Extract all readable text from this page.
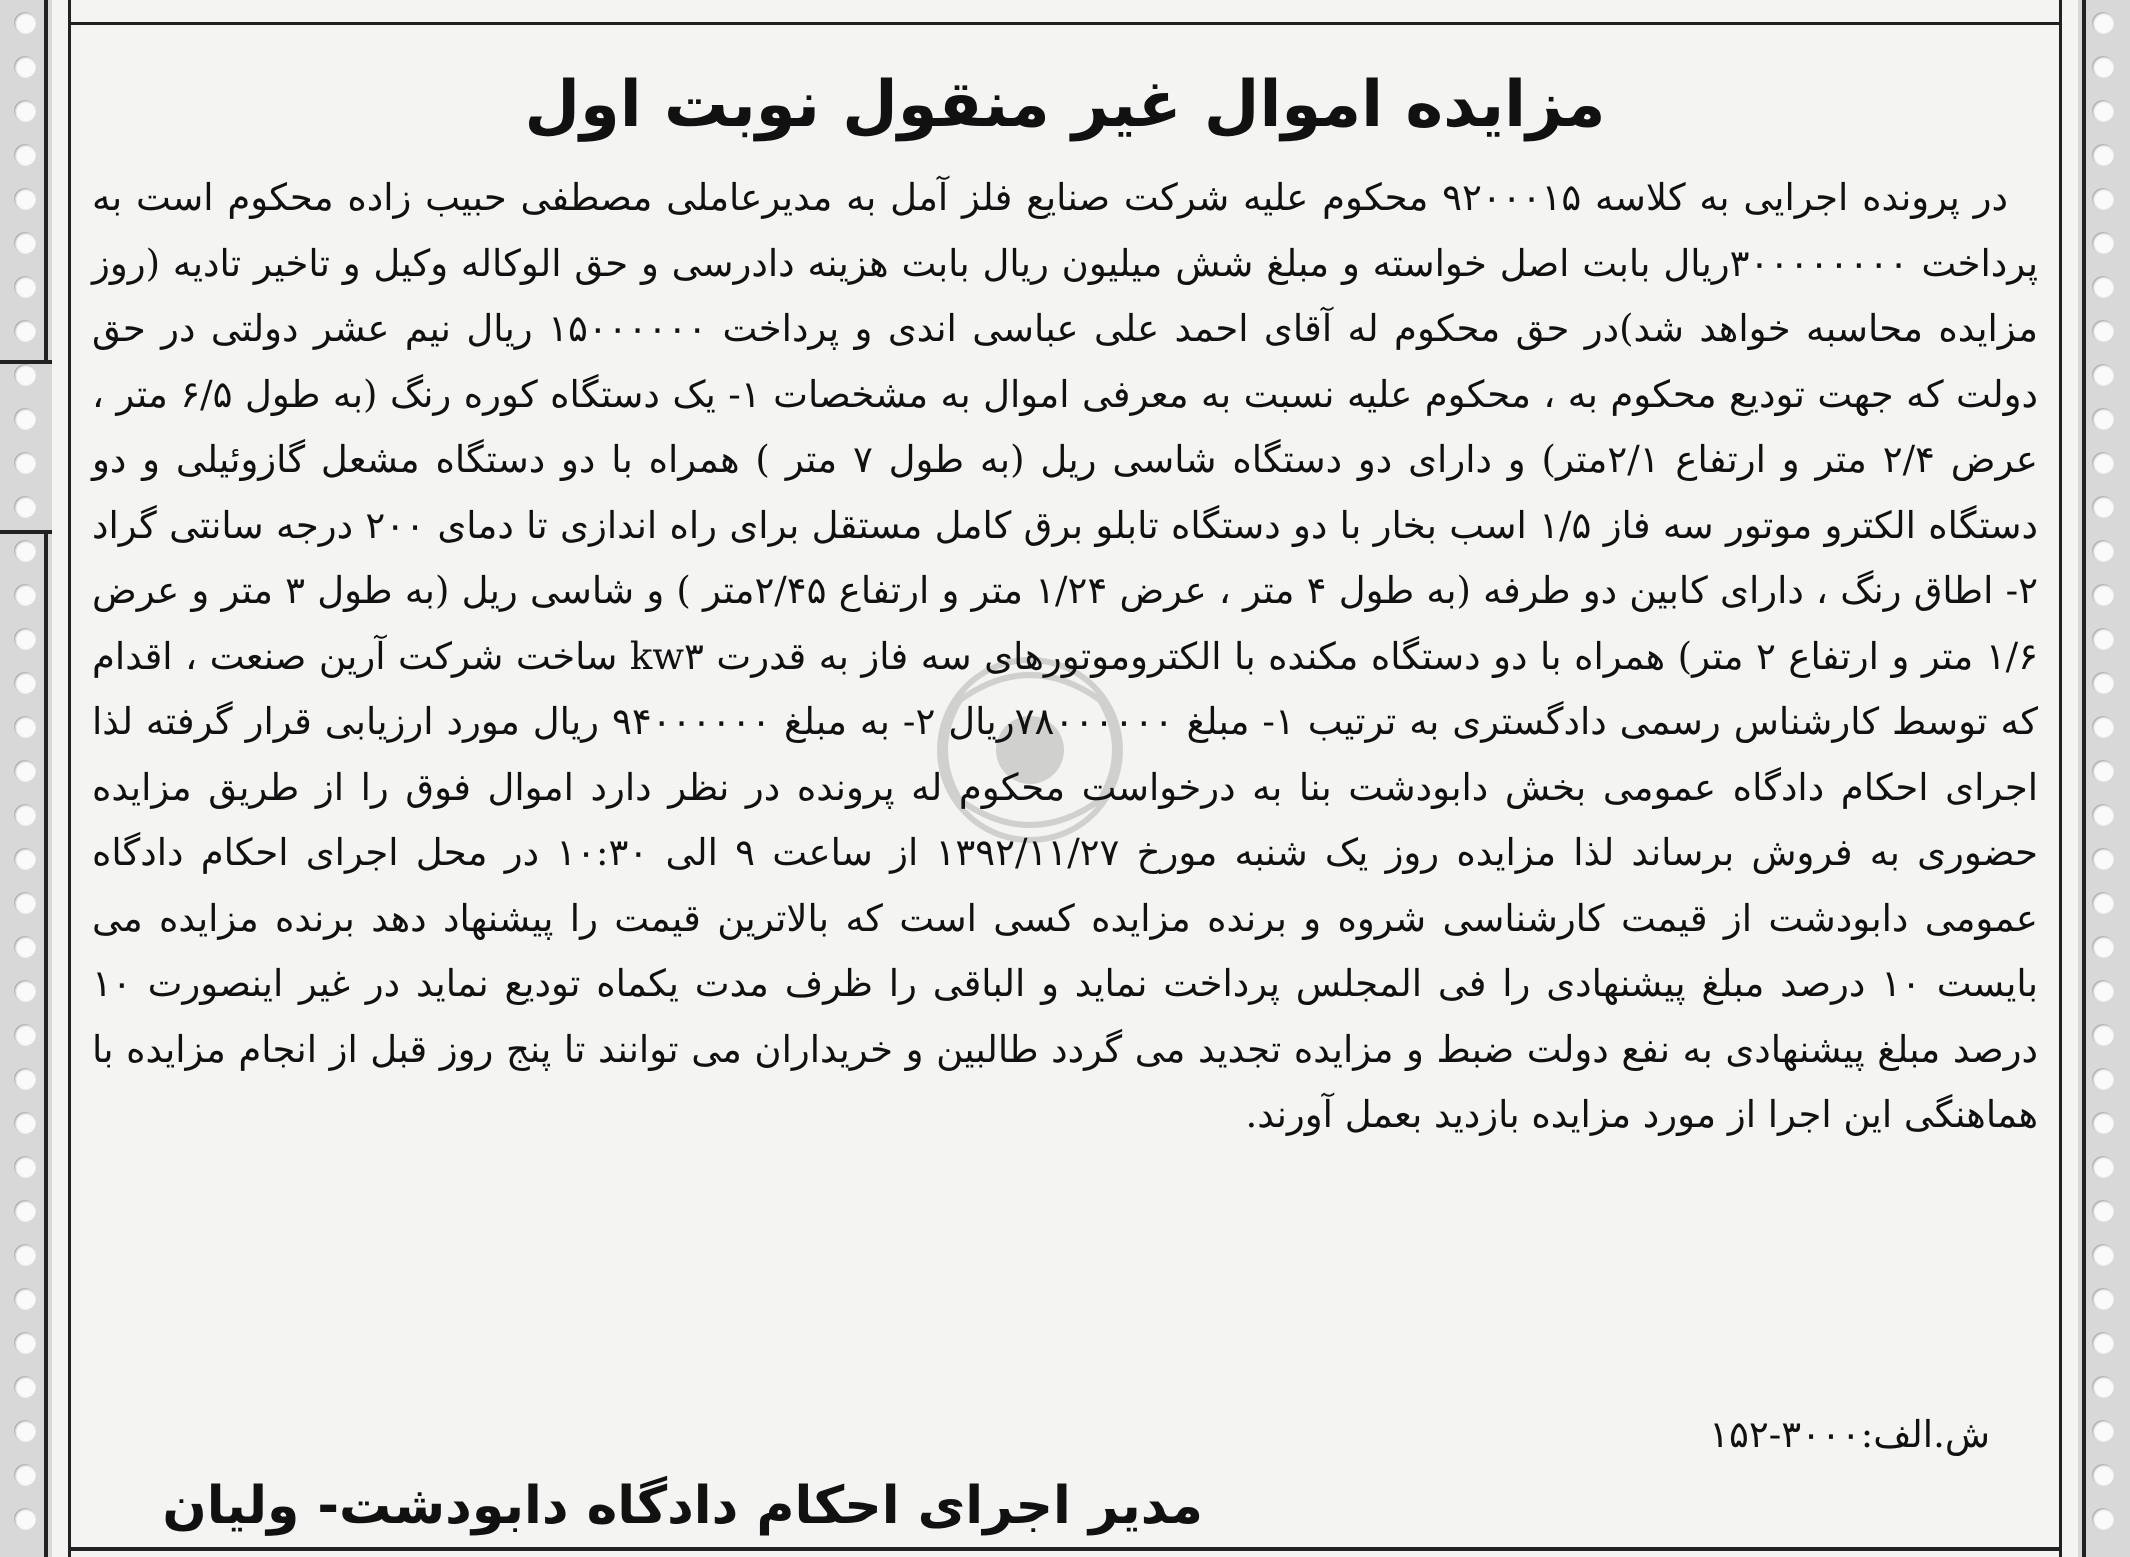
مزایده اموال غیر منقول نوبت اول

در پرونده اجرایی به کلاسه ۹۲۰۰۰۱۵ محکوم علیه شرکت صنایع فلز آمل به مدیرعاملی مصطفی حبیب زاده محکوم است به پرداخت ۳۰۰۰۰۰۰۰۰ریال بابت اصل خواسته و مبلغ شش میلیون ریال بابت هزینه دادرسی و حق الوکاله وکیل و تاخیر تادیه (روز مزایده محاسبه خواهد شد)در حق محکوم له آقای احمد علی عباسی اندی و پرداخت ۱۵۰۰۰۰۰۰ ریال نیم عشر دولتی در حق دولت که جهت توديع محکوم به ، محکوم علیه نسبت به معرفی اموال به مشخصات ۱- یک دستگاه کوره رنگ (به طول ۶/۵ متر ، عرض ۲/۴ متر و ارتفاع ۲/۱متر) و دارای دو دستگاه شاسی ریل (به طول ۷ متر ) همراه با دو دستگاه مشعل گازوئیلی و دو دستگاه الکترو موتور سه فاز ۱/۵ اسب بخار با دو دستگاه تابلو برق کامل مستقل برای راه اندازی تا دمای ۲۰۰ درجه سانتی گراد ۲- اطاق رنگ ، دارای کابین دو طرفه (به طول ۴ متر ، عرض ۱/۲۴ متر و ارتفاع ۲/۴۵متر ) و شاسی ریل (به طول ۳ متر و عرض ۱/۶ متر و ارتفاع ۲ متر) همراه با دو دستگاه مکنده با الکتروموتورهای سه فاز به قدرت kw۳ ساخت شرکت آرین صنعت ، اقدام که توسط کارشناس رسمی دادگستری به ترتیب ۱- مبلغ ۷۸۰۰۰۰۰۰ریال ۲- به مبلغ ۹۴۰۰۰۰۰۰ ریال مورد ارزیابی قرار گرفته لذا اجرای احکام دادگاه عمومی بخش دابودشت بنا به درخواست محکوم له پرونده در نظر دارد اموال فوق را از طریق مزایده حضوری به فروش برساند لذا مزایده روز یک شنبه مورخ ۱۳۹۲/۱۱/۲۷ از ساعت ۹ الی ۱۰:۳۰ در محل اجرای احکام دادگاه عمومی دابودشت از قیمت کارشناسی شروه و برنده مزایده کسی است که بالاترین قیمت را پیشنهاد دهد برنده مزایده می بایست ۱۰ درصد مبلغ پیشنهادی را فی المجلس پرداخت نماید و الباقی را ظرف مدت یکماه توديع نماید در غیر اینصورت ۱۰ درصد مبلغ پیشنهادی به نفع دولت ضبط و مزایده تجدید می گردد طالبین و خریداران می توانند تا پنج روز قبل از انجام مزایده با هماهنگی این اجرا از مورد مزایده بازدید بعمل آورند.

ش.الف:۳۰۰۰-۱۵۲
مدیر اجرای احکام دادگاه دابودشت- ولیان
